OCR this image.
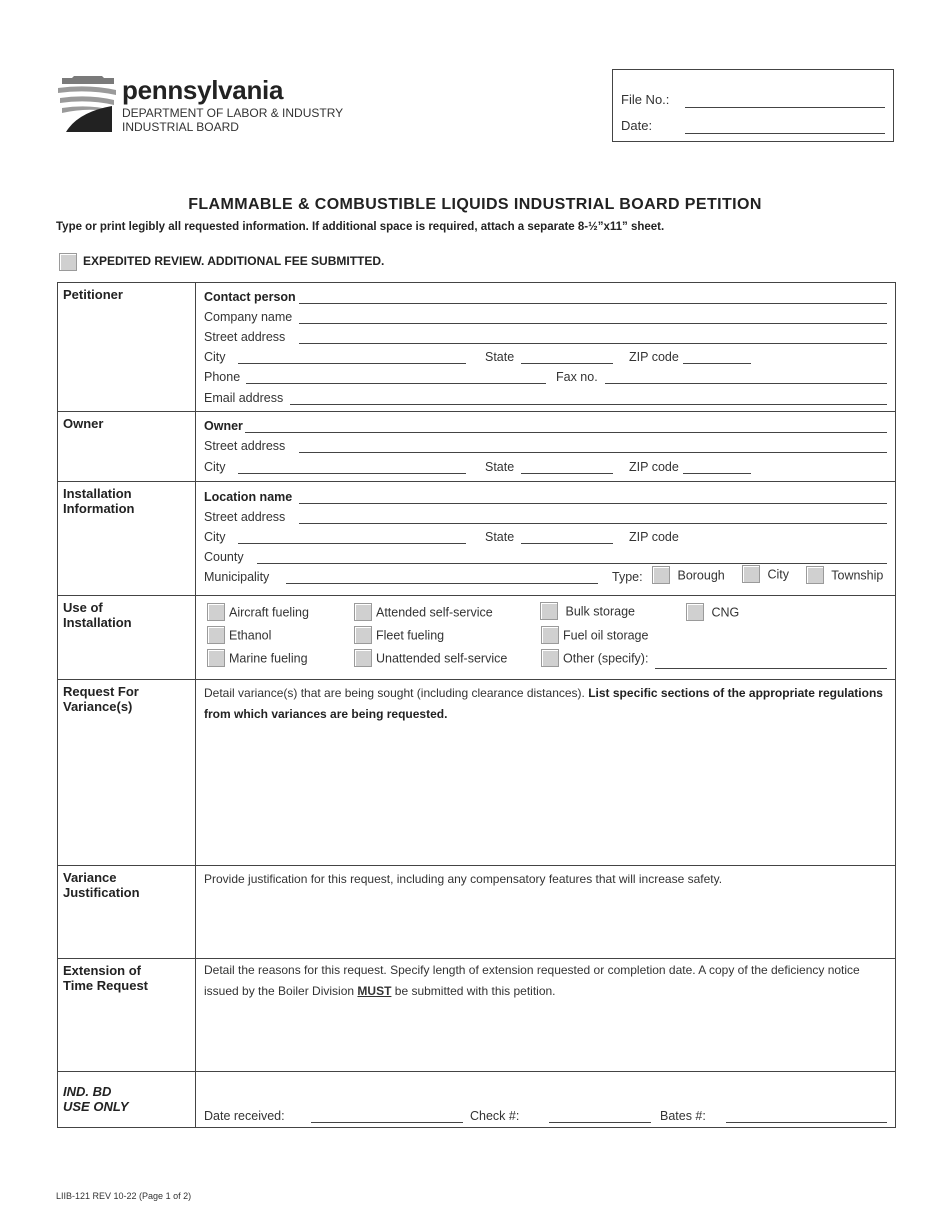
pennsylvania
DEPARTMENT OF LABOR & INDUSTRY
INDUSTRIAL BOARD
File No.:
Date:
FLAMMABLE & COMBUSTIBLE LIQUIDS INDUSTRIAL BOARD PETITION
Type or print legibly all requested information. If additional space is required, attach a separate 8-½”x11” sheet.
EXPEDITED REVIEW. ADDITIONAL FEE SUBMITTED.
Petitioner	Contact person
Company name
Street address
City	State	ZIP code
Phone	Fax no.
Email address
Owner	Owner
Street address
City	State	ZIP code
Installation
Information
Location name
Street address
City	State	ZIP code
County
Municipality	Type:	Borough	City	Township
Use of
Installation
Aircraft fueling	Attended self-service	Bulk storage	CNG
Ethanol	Fleet fueling	Fuel oil storage
Marine fueling	Unattended self-service	Other (specify):
Request For
Variance(s)
Detail variance(s) that are being sought (including clearance distances). List specific sections of the appropriate regulations from which variances are being requested.
Variance
Justification
Provide justification for this request, including any compensatory features that will increase safety.
Extension of
Time Request
Detail the reasons for this request. Specify length of extension requested or completion date. A copy of the deficiency notice issued by the Boiler Division MUST be submitted with this petition.
IND. BD
USE ONLY
Date received:	Check #:	Bates #:
LIIB-121 REV 10-22 (Page 1 of 2)
